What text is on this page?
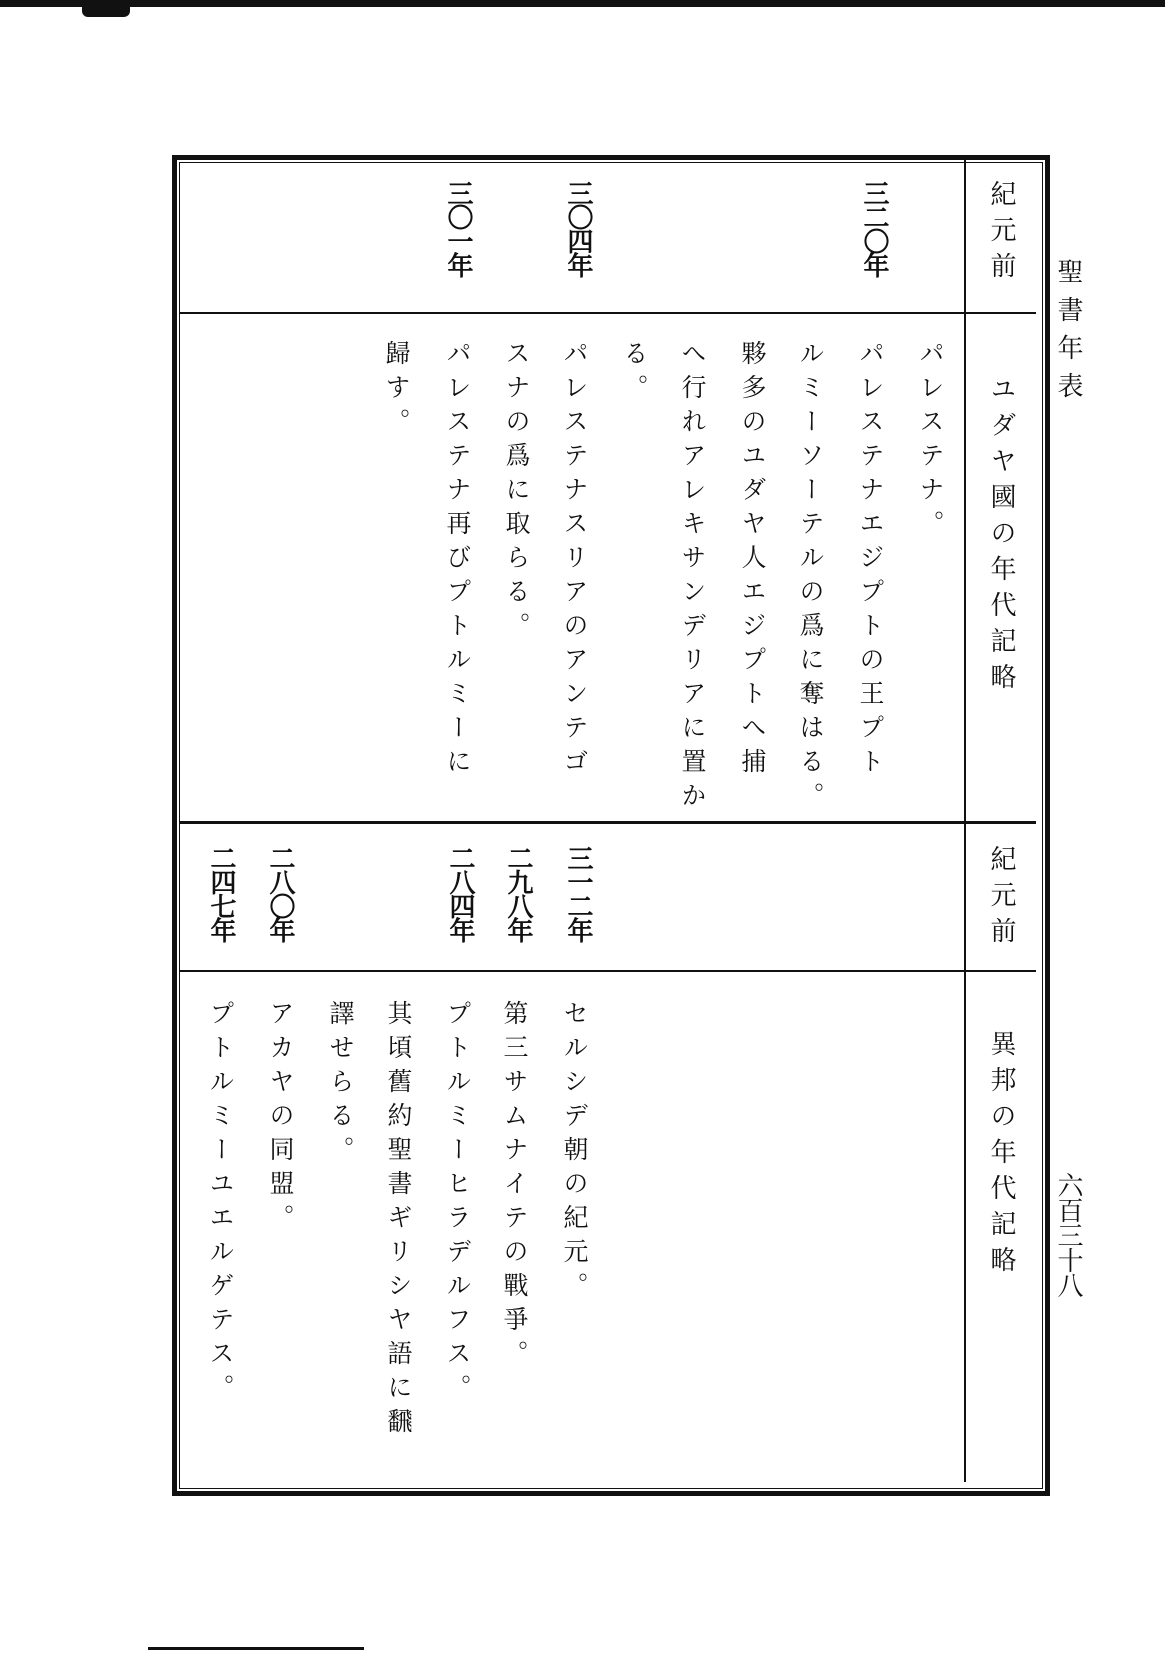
聖書年表
六百三十八
紀元前
ユダヤ國の年代記略
三二〇年
三〇四年
三〇一年
パレステナ。
パレステナエジプトの王プト
ルミーソーテルの爲に奪はる。
夥多のユダヤ人エジプトへ捕
へ行れアレキサンデリアに置か
る。
パレステナスリアのアンテゴ
スナの爲に取らる。
パレステナ再びプトルミーに
歸す。
紀元前
異邦の年代記略
三一二年
二九八年
二八四年
二八〇年
二四七年
セルシデ朝の紀元。
第三サムナイテの戰爭。
プトルミーヒラデルフス。
其頃舊約聖書ギリシヤ語に飜
譯せらる。
アカヤの同盟。
プトルミーユエルゲテス。
